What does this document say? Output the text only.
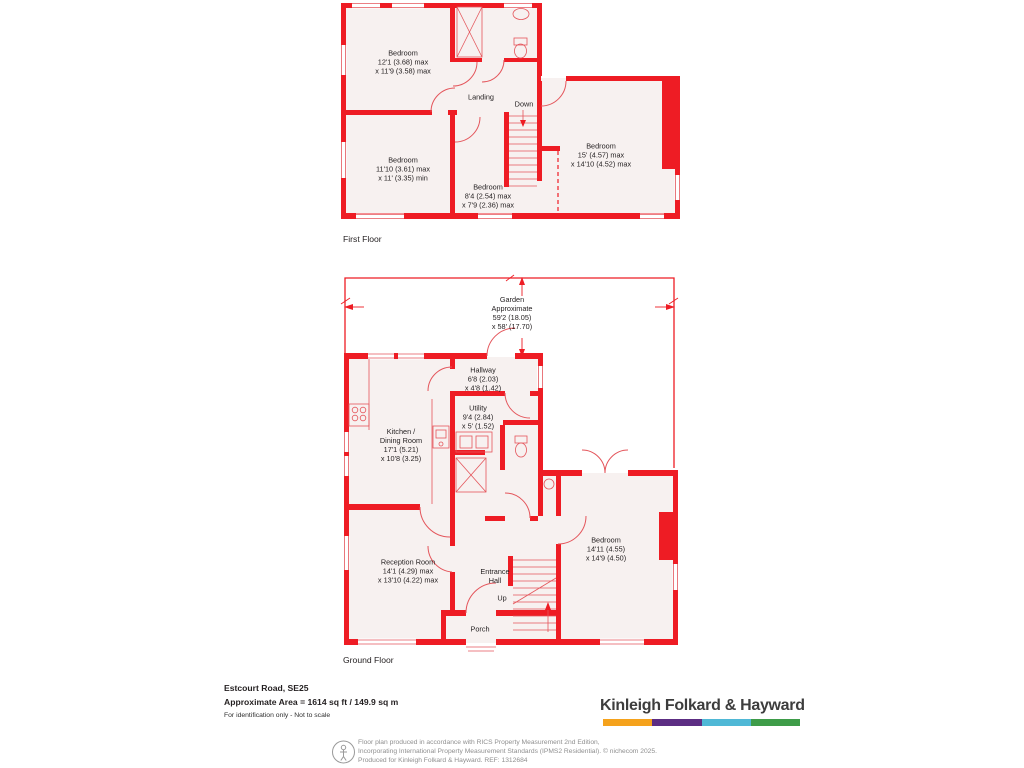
Bedroom
12'1 (3.68) max
x 11'9 (3.58) max
Landing
Down
Bedroom
11'10 (3.61) max
x 11' (3.35) min
Bedroom
8'4 (2.54) max
x 7'9 (2.36) max
Bedroom
15' (4.57) max
x 14'10 (4.52) max
First Floor
Garden
Approximate
59'2 (18.05)
x 58' (17.70)
Hallway
6'8 (2.03)
x 4'8 (1.42)
Utility
9'4 (2.84)
x 5' (1.52)
Kitchen /
Dining Room
17'1 (5.21)
x 10'8 (3.25)
Reception Room
14'1 (4.29) max
x 13'10 (4.22) max
Entrance
Hall
Up
Bedroom
14'11 (4.55)
x 14'9 (4.50)
Porch
Ground Floor
Estcourt Road, SE25
Approximate Area = 1614 sq ft / 149.9 sq m
For identification only - Not to scale
Kinleigh Folkard & Hayward
Floor plan produced in accordance with RICS Property Measurement 2nd Edition,
Incorporating International Property Measurement Standards (IPMS2 Residential). © nichecom 2025.
Produced for Kinleigh Folkard & Hayward. REF: 1312684
